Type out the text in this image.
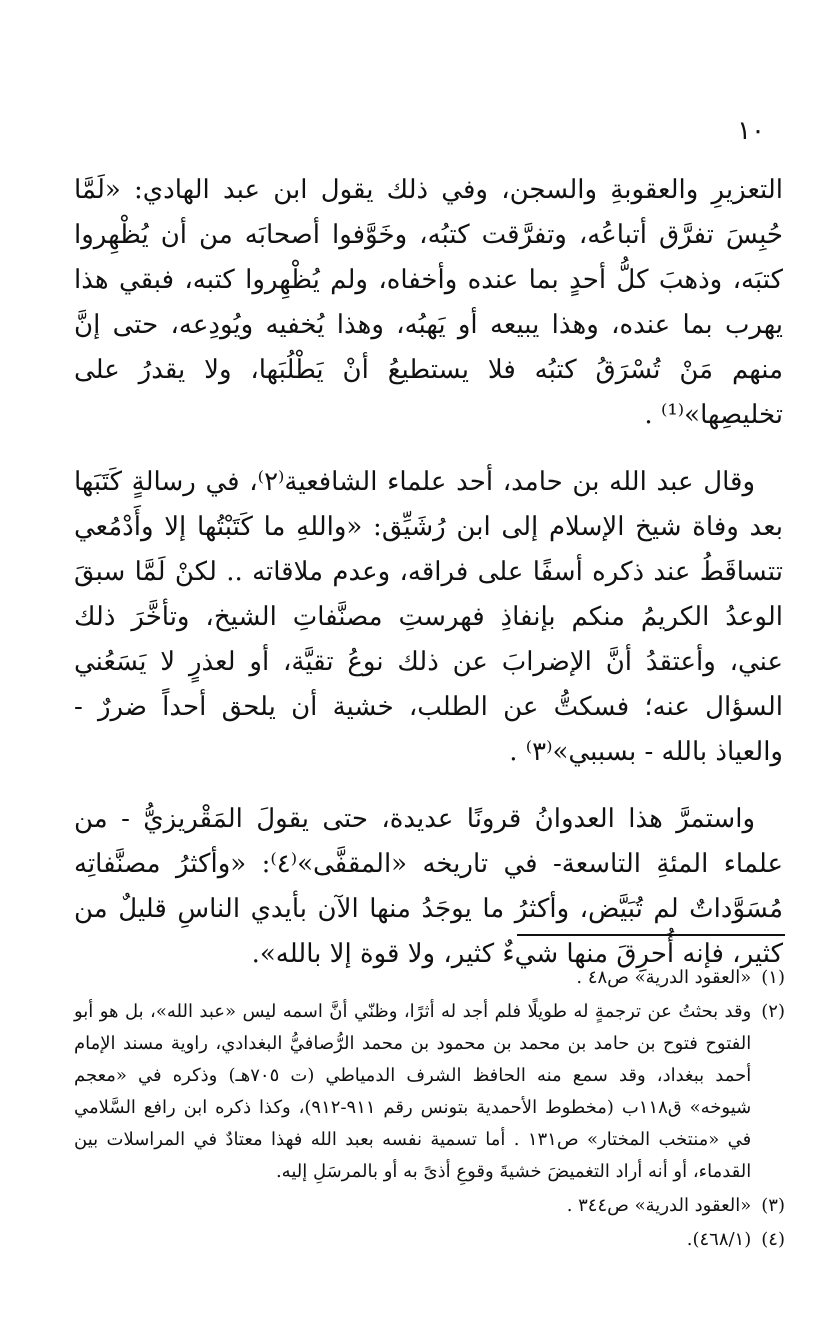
١٠

التعزيرِ والعقوبةِ والسجن، وفي ذلك يقول ابن عبد الهادي: «لَمَّا حُبِسَ تفرَّق أتباعُه، وتفرَّقت كتبُه، وخَوَّفوا أصحابَه من أن يُظْهِروا كتبَه، وذهبَ كلُّ أحدٍ بما عنده وأخفاه، ولم يُظْهِروا كتبه، فبقي هذا يهرب بما عنده، وهذا يبيعه أو يَهبُه، وهذا يُخفيه ويُودِعه، حتى إنَّ منهم مَنْ تُسْرَقُ كتبُه فلا يستطيعُ أنْ يَطْلُبَها، ولا يقدرُ على تخليصِها»⁽¹⁾ .

وقال عبد الله بن حامد، أحد علماء الشافعية⁽٢⁾، في رسالةٍ كَتَبَها بعد وفاة شيخ الإسلام إلى ابن رُشَيِّق: «واللهِ ما كَتَبْتُها إلا وأَدْمُعي تتساقَطُ عند ذكره أسفًا على فراقه، وعدم ملاقاته .. لكنْ لَمَّا سبقَ الوعدُ الكريمُ منكم بإنفاذِ فهرستِ مصنَّفاتِ الشيخ، وتأخَّرَ ذلك عني، وأعتقدُ أنَّ الإضرابَ عن ذلك نوعُ تقيَّة، أو لعذرٍ لا يَسَعُني السؤال عنه؛ فسكتُّ عن الطلب، خشية أن يلحق أحداً ضررٌ - والعياذ بالله - بسببي»⁽٣⁾ .

واستمرَّ هذا العدوانُ قرونًا عديدة، حتى يقولَ المَقْريزيُّ - من علماء المئةِ التاسعة- في تاريخه «المقفَّى»⁽٤⁾: «وأكثرُ مصنَّفاتِه مُسَوَّداتٌ لم تُبَيَّض، وأكثرُ ما يوجَدُ منها الآن بأيدي الناسِ قليلٌ من كثير، فإنه أُحرِقَ منها شيءٌ كثير، ولا قوة إلا بالله».

(١)
«العقود الدرية» ص٤٨ .
(٢)
وقد بحثتُ عن ترجمةٍ له طويلًا فلم أجد له أثرًا، وظنّي أنَّ اسمه ليس «عبد الله»، بل هو أبو الفتوح فتوح بن حامد بن محمد بن محمود بن محمد الرُّصافيُّ البغدادي، راوية مسند الإمام أحمد ببغداد، وقد سمع منه الحافظ الشرف الدمياطي (ت ٧٠٥هـ) وذكره في «معجم شيوخه» ق١١٨ب (مخطوط الأحمدية بتونس رقم ٩١١-٩١٢)، وكذا ذكره ابن رافع السَّلامي في «منتخب المختار» ص١٣١ . أما تسمية نفسه بعبد الله فهذا معتادٌ في المراسلات بين القدماء، أو أنه أراد التغميضَ خشيةَ وقوعِ أذىً به أو بالمرسَلِ إليه.
(٣)
«العقود الدرية» ص٣٤٤ .
(٤)
(٤٦٨/١).
